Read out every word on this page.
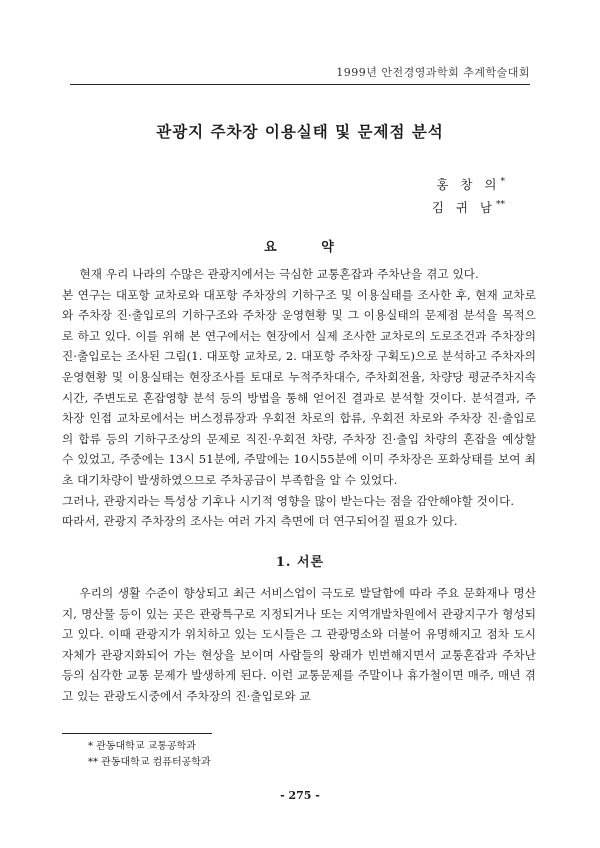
1999년 안전경영과학회 추계학술대회
관광지 주차장 이용실태 및 문제점 분석
홍 창 의*
김 귀 남**
요 약

현재 우리 나라의 수많은 관광지에서는 극심한 교통혼잡과 주차난을 겪고 있다.

본 연구는 대포항 교차로와 대포항 주차장의 기하구조 및 이용실태를 조사한 후, 현재 교차로와 주차장 진·출입로의 기하구조와 주차장 운영현황 및 그 이용실태의 문제점 분석을 목적으로 하고 있다. 이를 위해 본 연구에서는 현장에서 실제 조사한 교차로의 도로조건과 주차장의 진·출입로는 조사된 그림(1. 대포항 교차로, 2. 대포항 주차장 구획도)으로 분석하고 주차자의 운영현황 및 이용실태는 현장조사를 토대로 누적주차대수, 주차회전율, 차량당 평균주차지속시간, 주변도로 혼잡영향 분석 등의 방법을 통해 얻어진 결과로 분석할 것이다. 분석결과, 주차장 인접 교차로에서는 버스정류장과 우회전 차로의 합류, 우회전 차로와 주차장 진·출입로의 합류 등의 기하구조상의 문제로 직진·우회전 차량, 주차장 진·출입 차량의 혼잡을 예상할 수 있었고, 주중에는 13시 51분에, 주말에는 10시55분에 이미 주차장은 포화상태를 보여 최초 대기차량이 발생하였으므로 주차공급이 부족함을 알 수 있었다.

그러나, 관광지라는 특성상 기후나 시기적 영향을 많이 받는다는 점을 감안해야할 것이다.

따라서, 관광지 주차장의 조사는 여러 가지 측면에 더 연구되어질 필요가 있다.

1. 서론

우리의 생활 수준이 향상되고 최근 서비스업이 극도로 발달함에 따라 주요 문화재나 명산지, 명산물 등이 있는 곳은 관광특구로 지정되거나 또는 지역개발차원에서 관광지구가 형성되고 있다. 이때 관광지가 위치하고 있는 도시들은 그 관광명소와 더불어 유명해지고 점차 도시자체가 관광지화되어 가는 현상을 보이며 사람들의 왕래가 빈번해지면서 교통혼잡과 주차난 등의 심각한 교통 문제가 발생하게 된다. 이런 교통문제를 주말이나 휴가철이면 매주, 매년 겪고 있는 관광도시중에서 주차장의 진·출입로와 교

* 관동대학교 교통공학과
** 관동대학교 컴퓨터공학과
- 275 -
